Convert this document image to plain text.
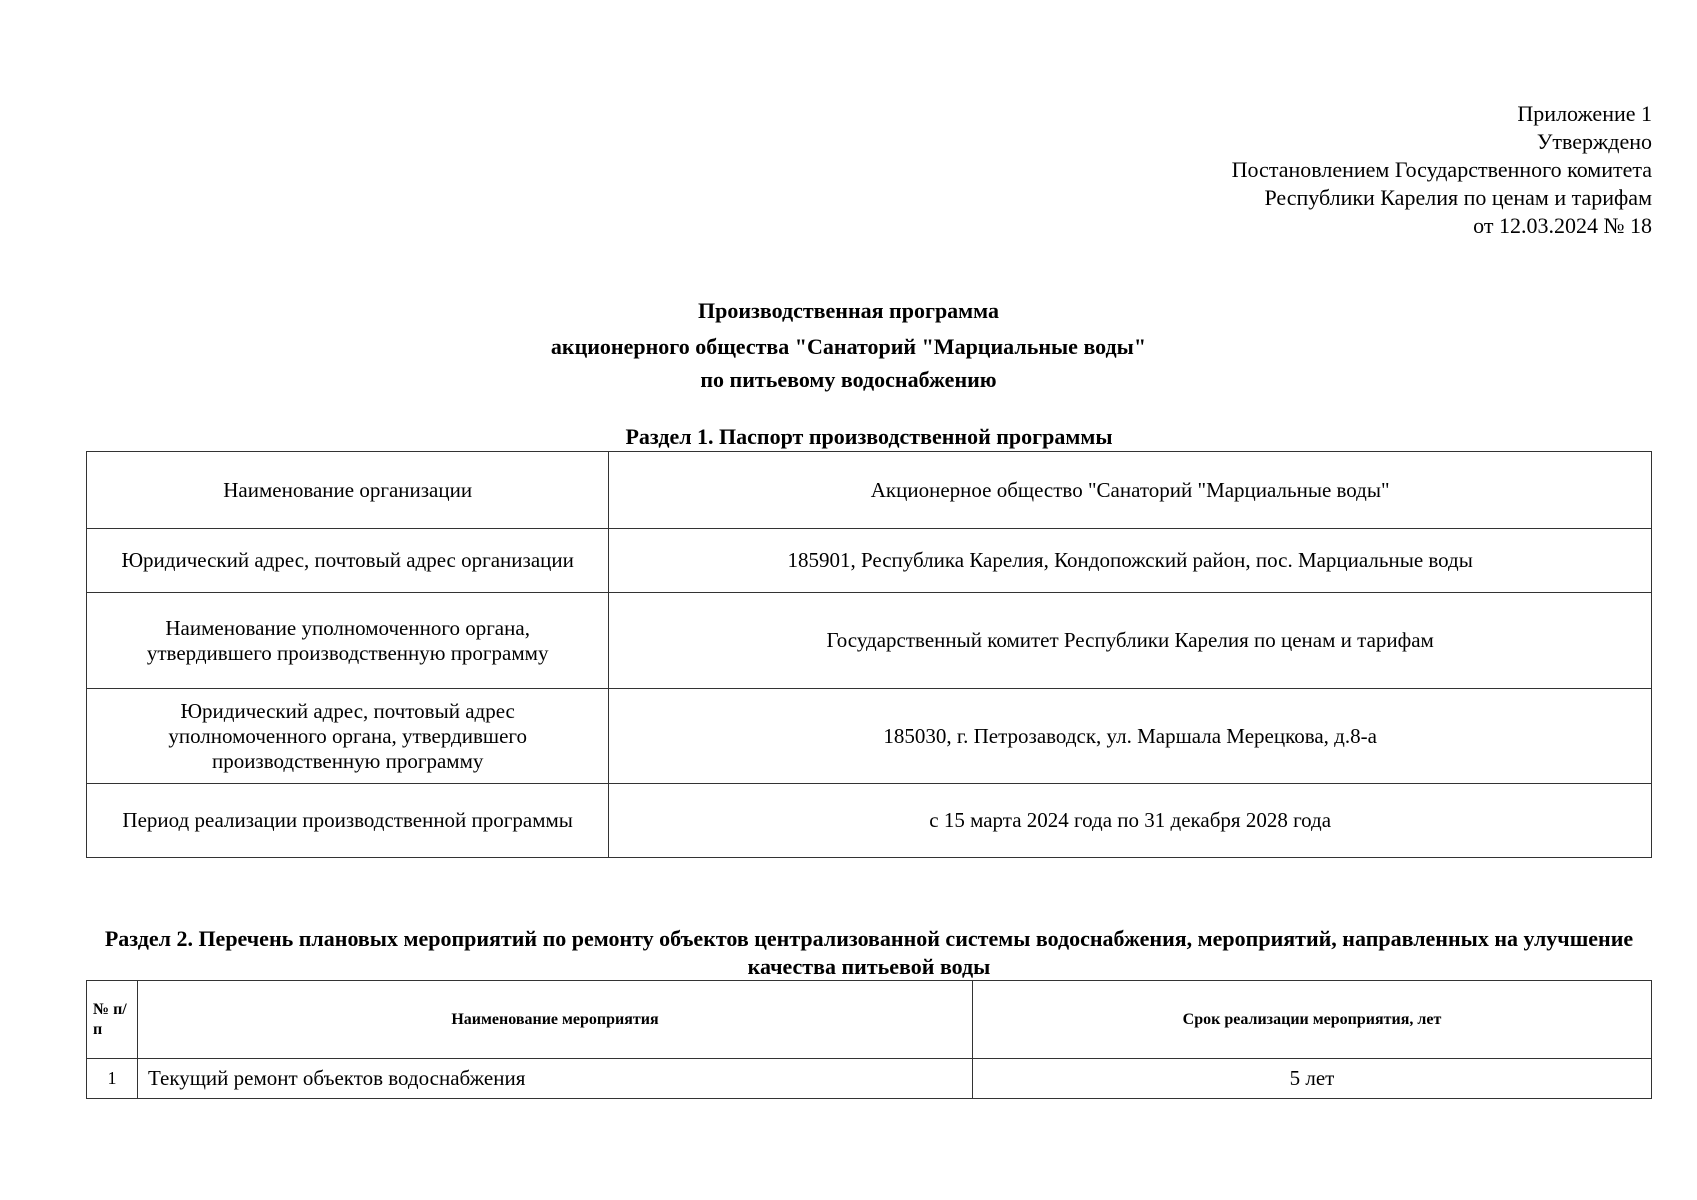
Приложение 1
Утверждено
Постановлением Государственного комитета
Республики Карелия по ценам и тарифам
от 12.03.2024 № 18
Производственная программа
акционерного общества "Санаторий "Марциальные воды"
по питьевому водоснабжению
Раздел 1. Паспорт производственной программы
Наименование организации	Акционерное общество "Санаторий "Марциальные воды"
Юридический адрес, почтовый адрес организации	185901, Республика Карелия, Кондопожский район, пос. Марциальные воды
Наименование уполномоченного органа, утвердившего производственную программу	Государственный комитет Республики Карелия по ценам и тарифам
Юридический адрес, почтовый адрес уполномоченного органа, утвердившего производственную программу	185030, г. Петрозаводск, ул. Маршала Мерецкова, д.8-а
Период реализации производственной программы	с 15 марта 2024 года по 31 декабря 2028 года
Раздел 2. Перечень плановых мероприятий по ремонту объектов централизованной системы водоснабжения, мероприятий, направленных на улучшение качества питьевой воды
№ п/п	Наименование мероприятия	Срок реализации мероприятия, лет
1	Текущий ремонт объектов водоснабжения	5 лет
